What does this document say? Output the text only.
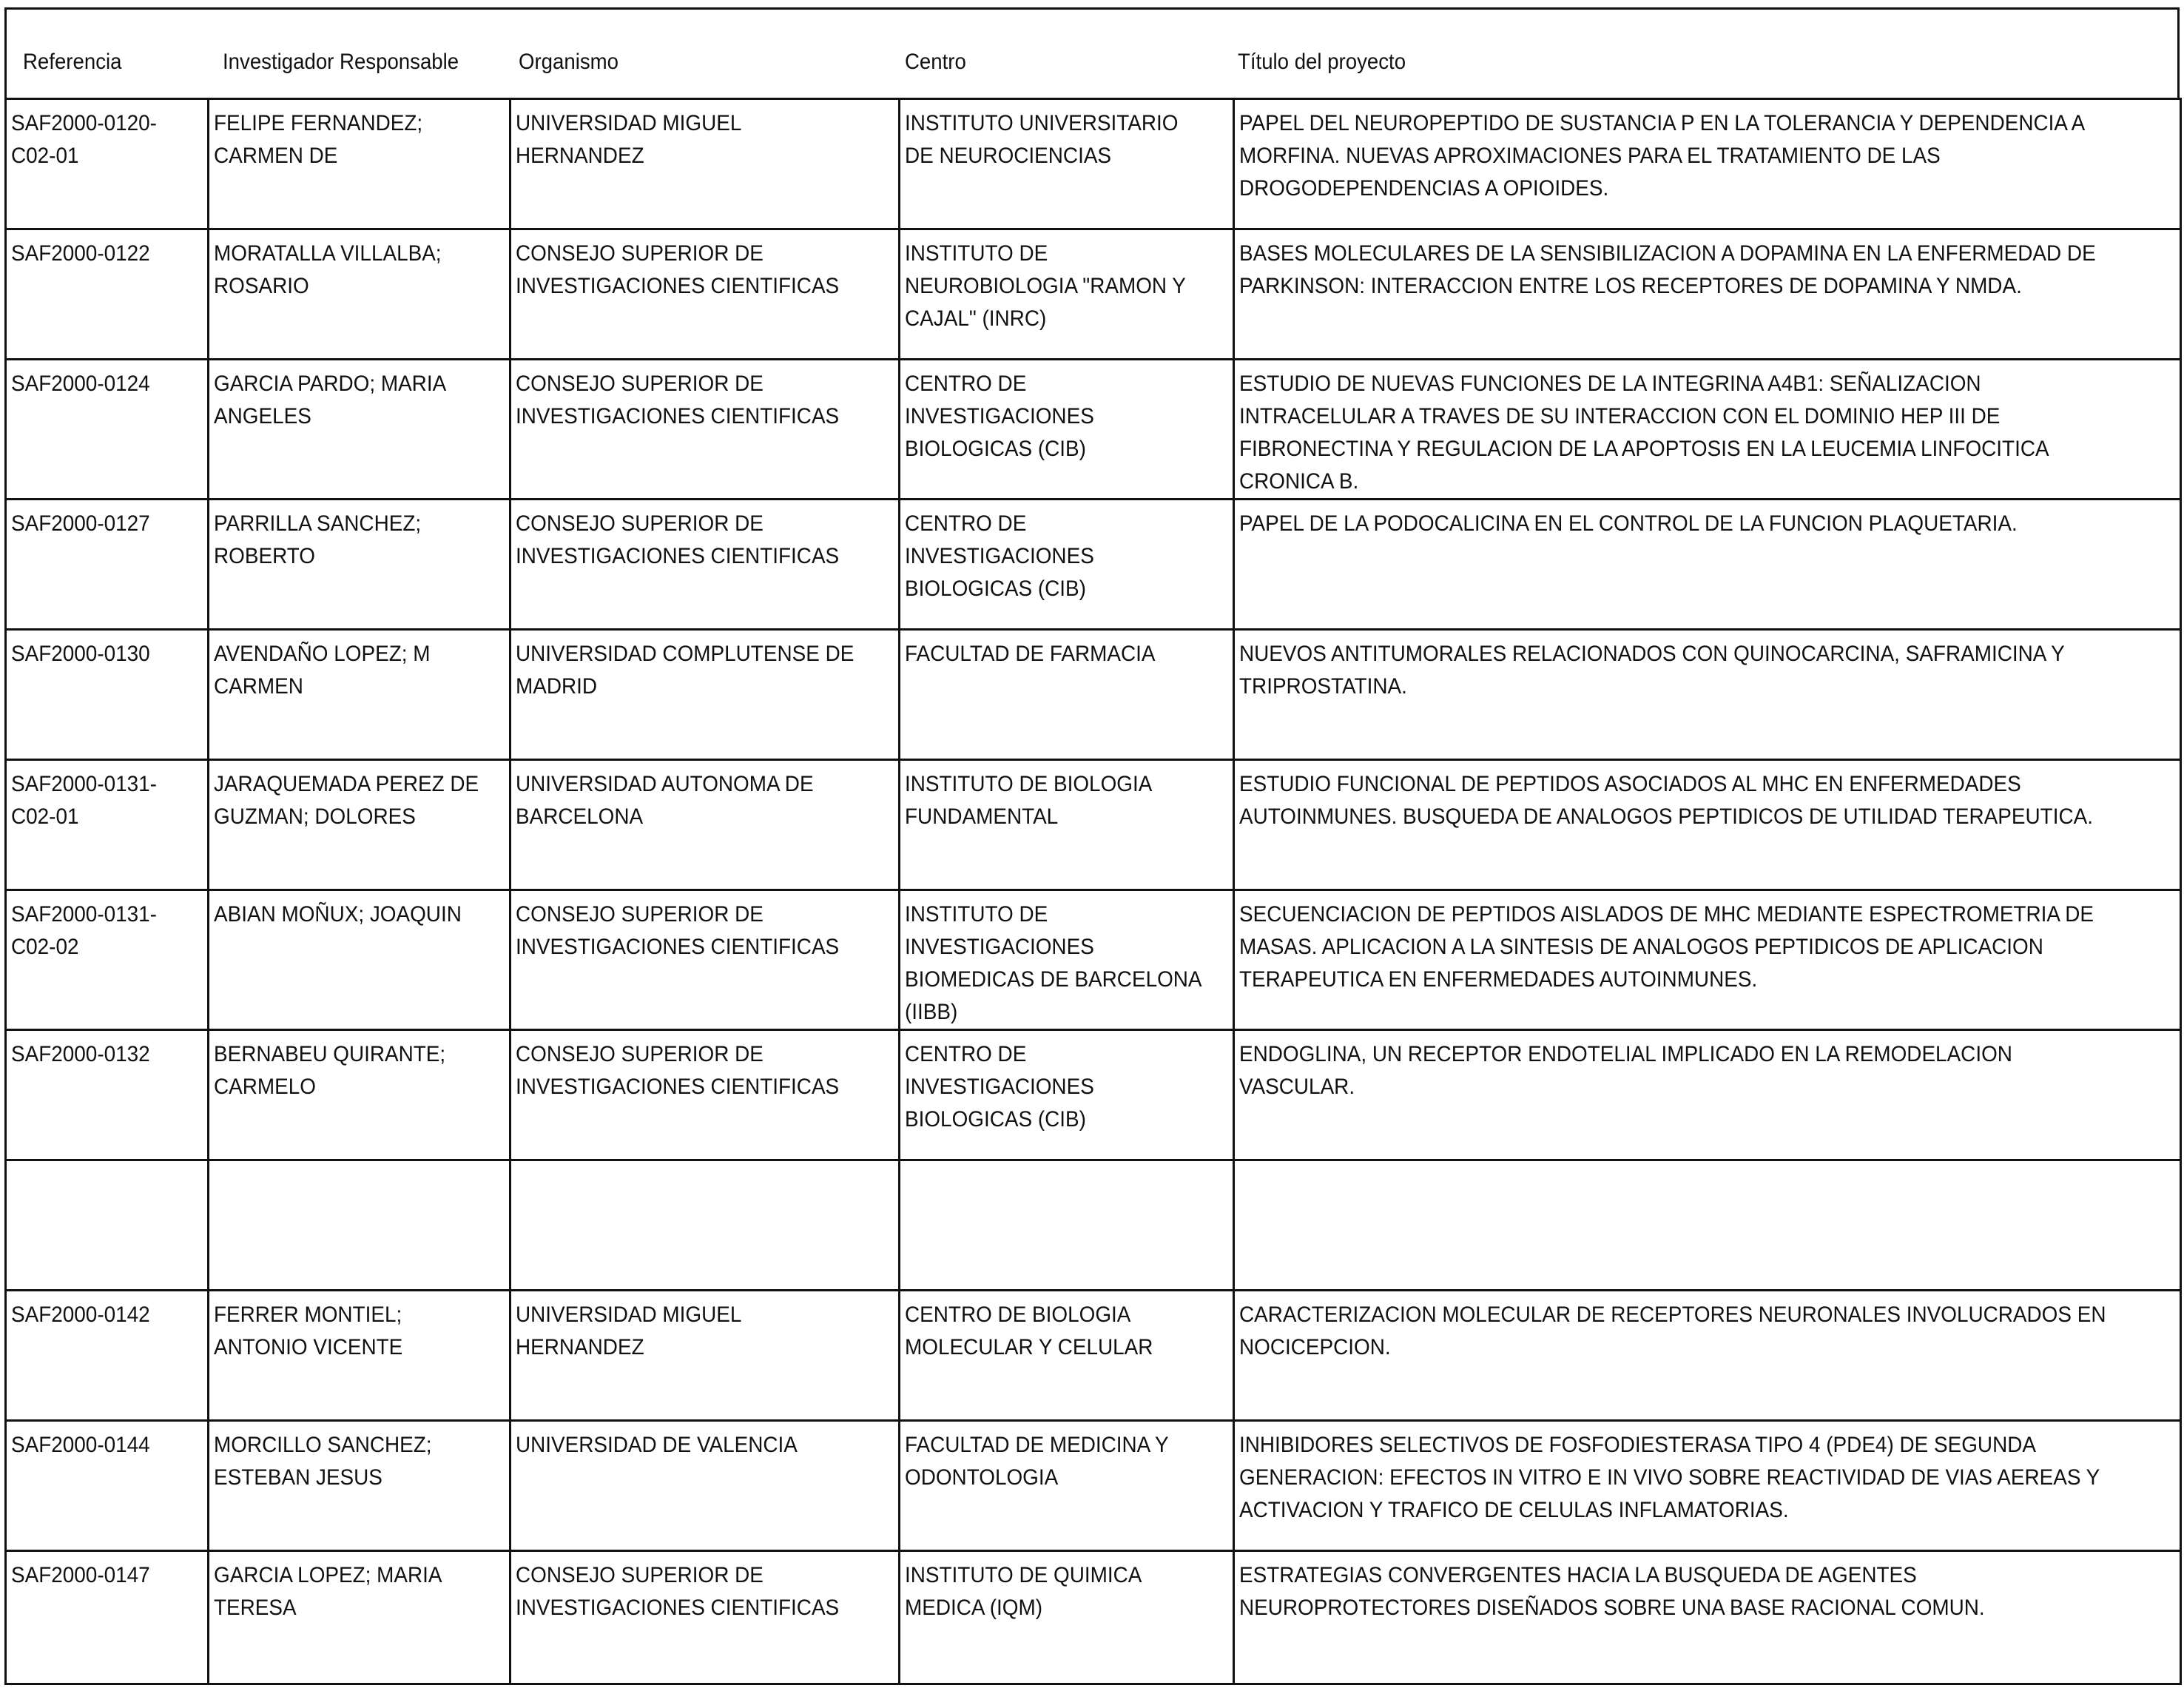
Referencia	Investigador Responsable	Organismo	Centro	Título del proyecto
SAF2000-0120-C02-01	FELIPE FERNANDEZ; CARMEN DE	UNIVERSIDAD MIGUEL HERNANDEZ	INSTITUTO UNIVERSITARIO DE NEUROCIENCIAS	PAPEL DEL NEUROPEPTIDO DE SUSTANCIA P EN LA TOLERANCIA Y DEPENDENCIA A MORFINA. NUEVAS APROXIMACIONES PARA EL TRATAMIENTO DE LAS DROGODEPENDENCIAS A OPIOIDES.

SAF2000-0122	MORATALLA VILLALBA; ROSARIO	CONSEJO SUPERIOR DE INVESTIGACIONES CIENTIFICAS	INSTITUTO DE NEUROBIOLOGIA "RAMON Y CAJAL" (INRC)	BASES MOLECULARES DE LA SENSIBILIZACION A DOPAMINA EN LA ENFERMEDAD DE PARKINSON: INTERACCION ENTRE LOS RECEPTORES DE DOPAMINA Y NMDA.

SAF2000-0124	GARCIA PARDO; MARIA ANGELES	CONSEJO SUPERIOR DE INVESTIGACIONES CIENTIFICAS	CENTRO DE INVESTIGACIONES BIOLOGICAS (CIB)	ESTUDIO DE NUEVAS FUNCIONES DE LA INTEGRINA A4B1: SEÑALIZACION INTRACELULAR A TRAVES DE SU INTERACCION CON EL DOMINIO HEP III DE FIBRONECTINA Y REGULACION DE LA APOPTOSIS EN LA LEUCEMIA LINFOCITICA CRONICA B.

SAF2000-0127	PARRILLA SANCHEZ; ROBERTO	CONSEJO SUPERIOR DE INVESTIGACIONES CIENTIFICAS	CENTRO DE INVESTIGACIONES BIOLOGICAS (CIB)	PAPEL DE LA PODOCALICINA EN EL CONTROL DE LA FUNCION PLAQUETARIA.

SAF2000-0130	AVENDAÑO LOPEZ; M CARMEN	UNIVERSIDAD COMPLUTENSE DE MADRID	FACULTAD DE FARMACIA	NUEVOS ANTITUMORALES RELACIONADOS CON QUINOCARCINA, SAFRAMICINA Y TRIPROSTATINA.

SAF2000-0131-C02-01	JARAQUEMADA PEREZ DE GUZMAN; DOLORES	UNIVERSIDAD AUTONOMA DE BARCELONA	INSTITUTO DE BIOLOGIA FUNDAMENTAL	ESTUDIO FUNCIONAL DE PEPTIDOS ASOCIADOS AL MHC EN ENFERMEDADES AUTOINMUNES. BUSQUEDA DE ANALOGOS PEPTIDICOS DE UTILIDAD TERAPEUTICA.

SAF2000-0131-C02-02	ABIAN MOÑUX; JOAQUIN	CONSEJO SUPERIOR DE INVESTIGACIONES CIENTIFICAS	INSTITUTO DE INVESTIGACIONES BIOMEDICAS DE BARCELONA (IIBB)	SECUENCIACION DE PEPTIDOS AISLADOS DE MHC MEDIANTE ESPECTROMETRIA DE MASAS. APLICACION A LA SINTESIS DE ANALOGOS PEPTIDICOS DE APLICACION TERAPEUTICA EN ENFERMEDADES AUTOINMUNES.

SAF2000-0132	BERNABEU QUIRANTE; CARMELO	CONSEJO SUPERIOR DE INVESTIGACIONES CIENTIFICAS	CENTRO DE INVESTIGACIONES BIOLOGICAS (CIB)	ENDOGLINA, UN RECEPTOR ENDOTELIAL IMPLICADO EN LA REMODELACION VASCULAR.

SAF2000-0142	FERRER MONTIEL; ANTONIO VICENTE	UNIVERSIDAD MIGUEL HERNANDEZ	CENTRO DE BIOLOGIA MOLECULAR Y CELULAR	CARACTERIZACION MOLECULAR DE RECEPTORES NEURONALES INVOLUCRADOS EN NOCICEPCION.

SAF2000-0144	MORCILLO SANCHEZ; ESTEBAN JESUS	UNIVERSIDAD DE VALENCIA	FACULTAD DE MEDICINA Y ODONTOLOGIA	INHIBIDORES SELECTIVOS DE FOSFODIESTERASA TIPO 4 (PDE4) DE SEGUNDA GENERACION: EFECTOS IN VITRO E IN VIVO SOBRE REACTIVIDAD DE VIAS AEREAS Y ACTIVACION Y TRAFICO DE CELULAS INFLAMATORIAS.

SAF2000-0147	GARCIA LOPEZ; MARIA TERESA	CONSEJO SUPERIOR DE INVESTIGACIONES CIENTIFICAS	INSTITUTO DE QUIMICA MEDICA (IQM)	ESTRATEGIAS CONVERGENTES HACIA LA BUSQUEDA DE AGENTES NEUROPROTECTORES DISEÑADOS SOBRE UNA BASE RACIONAL COMUN.
